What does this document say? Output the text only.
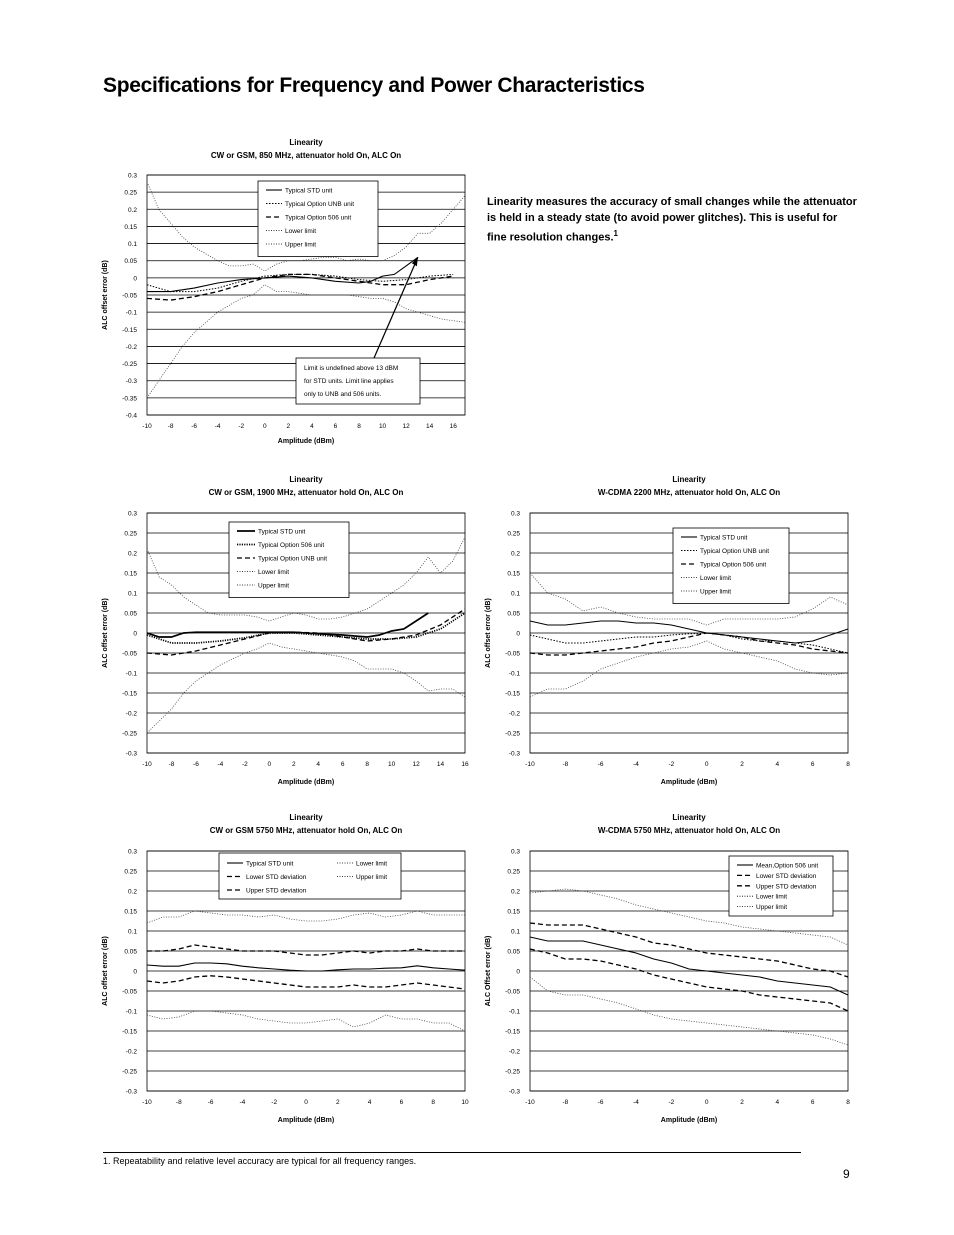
Specifications for Frequency and Power Characteristics
Linearity
CW or GSM, 850 MHz, attenuator hold On, ALC On
0.3
0.25
0.2
0.15
0.1
0.05
0
-0.05
-0.1
-0.15
-0.2
-0.25
-0.3
-0.35
-0.4
-10 -8	-6	-4	-2	0	2	4	6	8	10	12	14	16
Amplitude (dBm)
ALC offset error (dB)
Typical STD unit
Typical Option UNB unit
Typical Option 506 unit
Lower limit
Upper limit
Limit is undefined above 13 dBM
for STD units. Limit line applies
only to UNB and 506 units.
Linearity
CW or GSM, 1900 MHz, attenuator hold On, ALC On
0.3
0.25
0.2
0.15
0.1
0.05
0
-0.05
-0.1
-0.15
-0.2
-0.25
-0.3
-10	-8	-6	-4	-2	0	2	4	6	8	10	12	14	16
Amplitude (dBm)
ALC offset error (dB)
Typical STD unit
Typical Option 506 unit
Typical Option UNB unit
Lower limit
Upper limit
Linearity
W-CDMA 2200 MHz, attenuator hold On, ALC On
0.3
0.25
0.2
0.15
0.1
0.05
0
-0.05
-0.1
-0.15
-0.2
-0.25
-0.3
-10	-8	-6	-4	-2	0	2	4	6	8
Amplitude (dBm)
ALC offset error (dB)
Typical STD unit
Typical Option UNB unit
Typical Option 506 unit
Lower limit
Upper limit
Linearity
CW or GSM 5750 MHz, attenuator hold On, ALC On
0.3
0.25
0.2
0.15
0.1
0.05
0
-0.05
-0.1
-0.15
-0.2
-0.25
-0.3
-10	-8	-6	-4	-2	0	2	4	6	8	10
Amplitude (dBm)
ALC offset error (dB)
Typical STD unit
Lower STD deviation
Upper STD deviation
Lower limit
Upper limit
Linearity
W-CDMA 5750 MHz, attenuator hold On, ALC On
0.3
0.25
0.2
0.15
0.1
0.05
0
-0.05
-0.1
-0.15
-0.2
-0.25
-0.3
-10	-8	-6	-4	-2	0	2	4	6	8
Amplitude (dBm)
ALC Offset error (dB)
Mean,Option 506 unit
Lower STD deviation
Upper STD deviation
Lower limit
Upper limit
Linearity measures the accuracy of small changes while the attenuator is held in a steady state (to avoid power glitches). This is useful for fine resolution changes.$^1$
1. Repeatability and relative level accuracy are typical for all frequency ranges.
9
